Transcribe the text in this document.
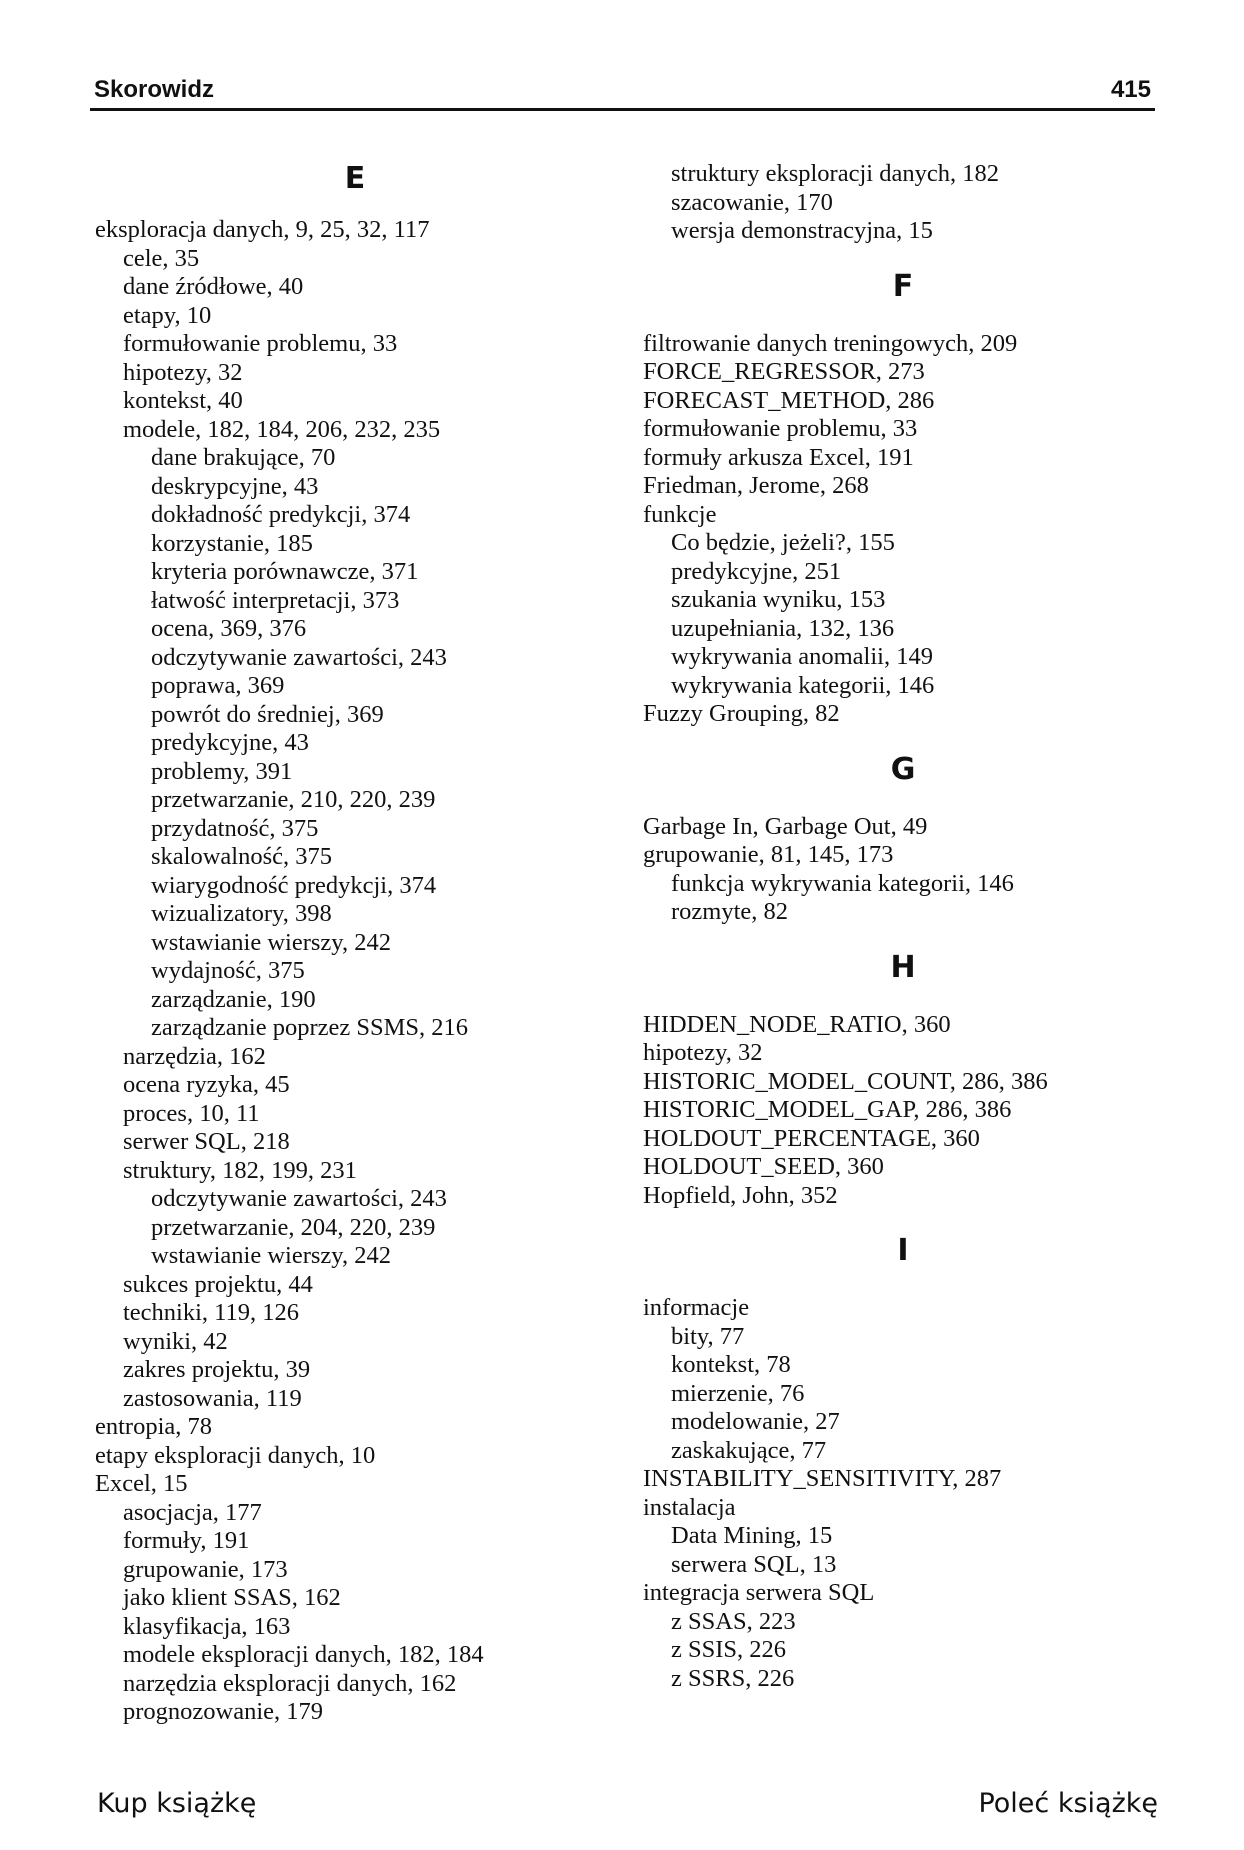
Skorowidz	415
E
eksploracja danych, 9, 25, 32, 117
cele, 35
dane źródłowe, 40
etapy, 10
formułowanie problemu, 33
hipotezy, 32
kontekst, 40
modele, 182, 184, 206, 232, 235
dane brakujące, 70
deskrypcyjne, 43
dokładność predykcji, 374
korzystanie, 185
kryteria porównawcze, 371
łatwość interpretacji, 373
ocena, 369, 376
odczytywanie zawartości, 243
poprawa, 369
powrót do średniej, 369
predykcyjne, 43
problemy, 391
przetwarzanie, 210, 220, 239
przydatność, 375
skalowalność, 375
wiarygodność predykcji, 374
wizualizatory, 398
wstawianie wierszy, 242
wydajność, 375
zarządzanie, 190
zarządzanie poprzez SSMS, 216
narzędzia, 162
ocena ryzyka, 45
proces, 10, 11
serwer SQL, 218
struktury, 182, 199, 231
odczytywanie zawartości, 243
przetwarzanie, 204, 220, 239
wstawianie wierszy, 242
sukces projektu, 44
techniki, 119, 126
wyniki, 42
zakres projektu, 39
zastosowania, 119
entropia, 78
etapy eksploracji danych, 10
Excel, 15
asocjacja, 177
formuły, 191
grupowanie, 173
jako klient SSAS, 162
klasyfikacja, 163
modele eksploracji danych, 182, 184
narzędzia eksploracji danych, 162
prognozowanie, 179
struktury eksploracji danych, 182
szacowanie, 170
wersja demonstracyjna, 15
F
filtrowanie danych treningowych, 209
FORCE_REGRESSOR, 273
FORECAST_METHOD, 286
formułowanie problemu, 33
formuły arkusza Excel, 191
Friedman, Jerome, 268
funkcje
Co będzie, jeżeli?, 155
predykcyjne, 251
szukania wyniku, 153
uzupełniania, 132, 136
wykrywania anomalii, 149
wykrywania kategorii, 146
Fuzzy Grouping, 82
G
Garbage In, Garbage Out, 49
grupowanie, 81, 145, 173
funkcja wykrywania kategorii, 146
rozmyte, 82
H
HIDDEN_NODE_RATIO, 360
hipotezy, 32
HISTORIC_MODEL_COUNT, 286, 386
HISTORIC_MODEL_GAP, 286, 386
HOLDOUT_PERCENTAGE, 360
HOLDOUT_SEED, 360
Hopfield, John, 352
I
informacje
bity, 77
kontekst, 78
mierzenie, 76
modelowanie, 27
zaskakujące, 77
INSTABILITY_SENSITIVITY, 287
instalacja
Data Mining, 15
serwera SQL, 13
integracja serwera SQL
z SSAS, 223
z SSIS, 226
z SSRS, 226
Kup książkę	Poleć książkę
